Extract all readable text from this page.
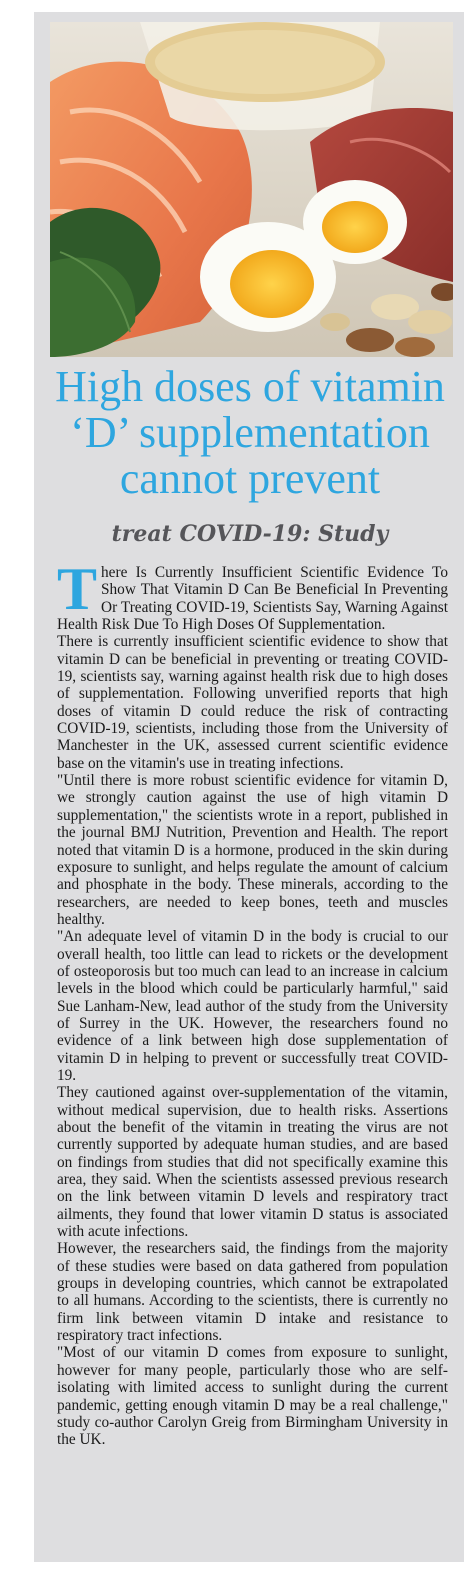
High doses of vitamin ‘D’ supplementation cannot prevent
treat COVID-19: Study

There Is Currently Insufficient Scientific Evidence To Show That Vitamin D Can Be Beneficial In Preventing Or Treating COVID-19, Scientists Say, Warning Against Health Risk Due To High Doses Of Supplementation.

There is currently insufficient scientific evidence to show that vitamin D can be beneficial in preventing or treating COVID-19, scientists say, warning against health risk due to high doses of supplementation. Following unverified reports that high doses of vitamin D could reduce the risk of contracting COVID-19, scientists, including those from the University of Manchester in the UK, assessed current scientific evidence base on the vitamin's use in treating infections.

"Until there is more robust scientific evidence for vitamin D, we strongly caution against the use of high vitamin D supplementation," the scientists wrote in a report, published in the journal BMJ Nutrition, Prevention and Health. The report noted that vitamin D is a hormone, produced in the skin during exposure to sunlight, and helps regulate the amount of calcium and phosphate in the body. These minerals, according to the researchers, are needed to keep bones, teeth and muscles healthy.

"An adequate level of vitamin D in the body is crucial to our overall health, too little can lead to rickets or the development of osteoporosis but too much can lead to an increase in calcium levels in the blood which could be particularly harmful," said Sue Lanham-New, lead author of the study from the University of Surrey in the UK. However, the researchers found no evidence of a link between high dose supplementation of vitamin D in helping to prevent or successfully treat COVID-19.

They cautioned against over-supplementation of the vitamin, without medical supervision, due to health risks. Assertions about the benefit of the vitamin in treating the virus are not currently supported by adequate human studies, and are based on findings from studies that did not specifically examine this area, they said. When the scientists assessed previous research on the link between vitamin D levels and respiratory tract ailments, they found that lower vitamin D status is associated with acute infections.

However, the researchers said, the findings from the majority of these studies were based on data gathered from population groups in developing countries, which cannot be extrapolated to all humans. According to the scientists, there is currently no firm link between vitamin D intake and resistance to respiratory tract infections.

"Most of our vitamin D comes from exposure to sunlight, however for many people, particularly those who are self-isolating with limited access to sunlight during the current pandemic, getting enough vitamin D may be a real challenge," study co-author Carolyn Greig from Birmingham University in the UK.
